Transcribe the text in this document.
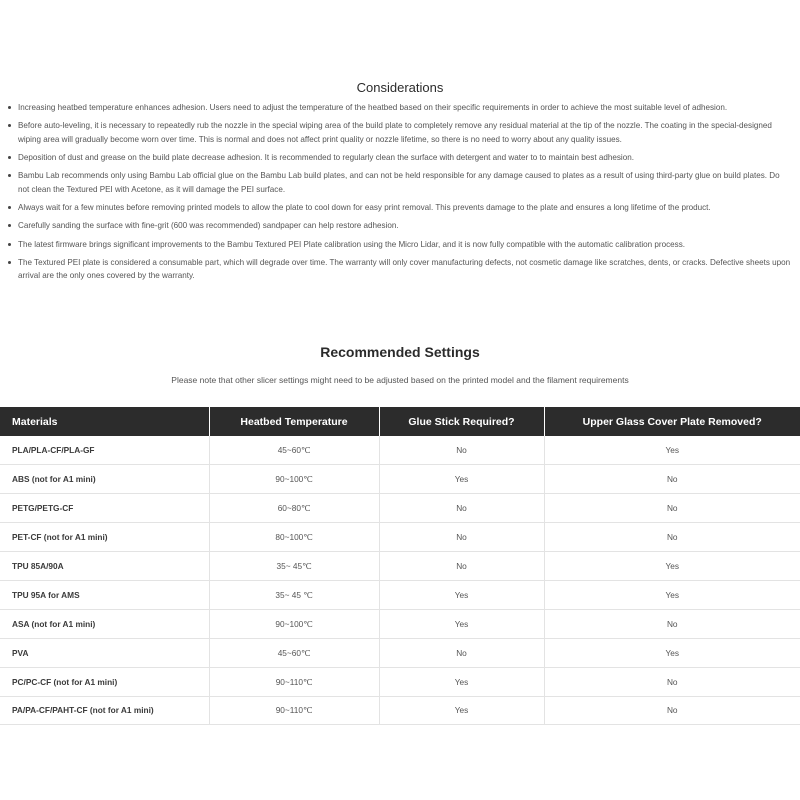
Considerations
Increasing heatbed temperature enhances adhesion. Users need to adjust the temperature of the heatbed based on their specific requirements in order to achieve the most suitable level of adhesion.
Before auto-leveling, it is necessary to repeatedly rub the nozzle in the special wiping area of the build plate to completely remove any residual material at the tip of the nozzle. The coating in the special-designed wiping area will gradually become worn over time. This is normal and does not affect print quality or nozzle lifetime, so there is no need to worry about any quality issues.
Deposition of dust and grease on the build plate decrease adhesion. It is recommended to regularly clean the surface with detergent and water to to maintain best adhesion.
Bambu Lab recommends only using Bambu Lab official glue on the Bambu Lab build plates, and can not be held responsible for any damage caused to plates as a result of using third-party glue on build plates. Do not clean the Textured PEI with Acetone, as it will damage the PEI surface.
Always wait for a few minutes before removing printed models to allow the plate to cool down for easy print removal. This prevents damage to the plate and ensures a long lifetime of the product.
Carefully sanding the surface with fine-grit (600 was recommended) sandpaper can help restore adhesion.
The latest firmware brings significant improvements to the Bambu Textured PEI Plate calibration using the Micro Lidar, and it is now fully compatible with the automatic calibration process.
The Textured PEI plate is considered a consumable part, which will degrade over time. The warranty will only cover manufacturing defects, not cosmetic damage like scratches, dents, or cracks. Defective sheets upon arrival are the only ones covered by the warranty.
Recommended Settings

Please note that other slicer settings might need to be adjusted based on the printed model and the filament requirements

Materials	Heatbed Temperature	Glue Stick Required?	Upper Glass Cover Plate Removed?
PLA/PLA-CF/PLA-GF	45~60℃	No	Yes
ABS (not for A1 mini)	90~100℃	Yes	No
PETG/PETG-CF	60~80℃	No	No
PET-CF (not for A1 mini)	80~100℃	No	No
TPU 85A/90A	35~ 45℃	No	Yes
TPU 95A for AMS	35~ 45 ℃	Yes	Yes
ASA (not for A1 mini)	90~100℃	Yes	No
PVA	45~60℃	No	Yes
PC/PC-CF (not for A1 mini)	90~110℃	Yes	No
PA/PA-CF/PAHT-CF (not for A1 mini)	90~110℃	Yes	No
